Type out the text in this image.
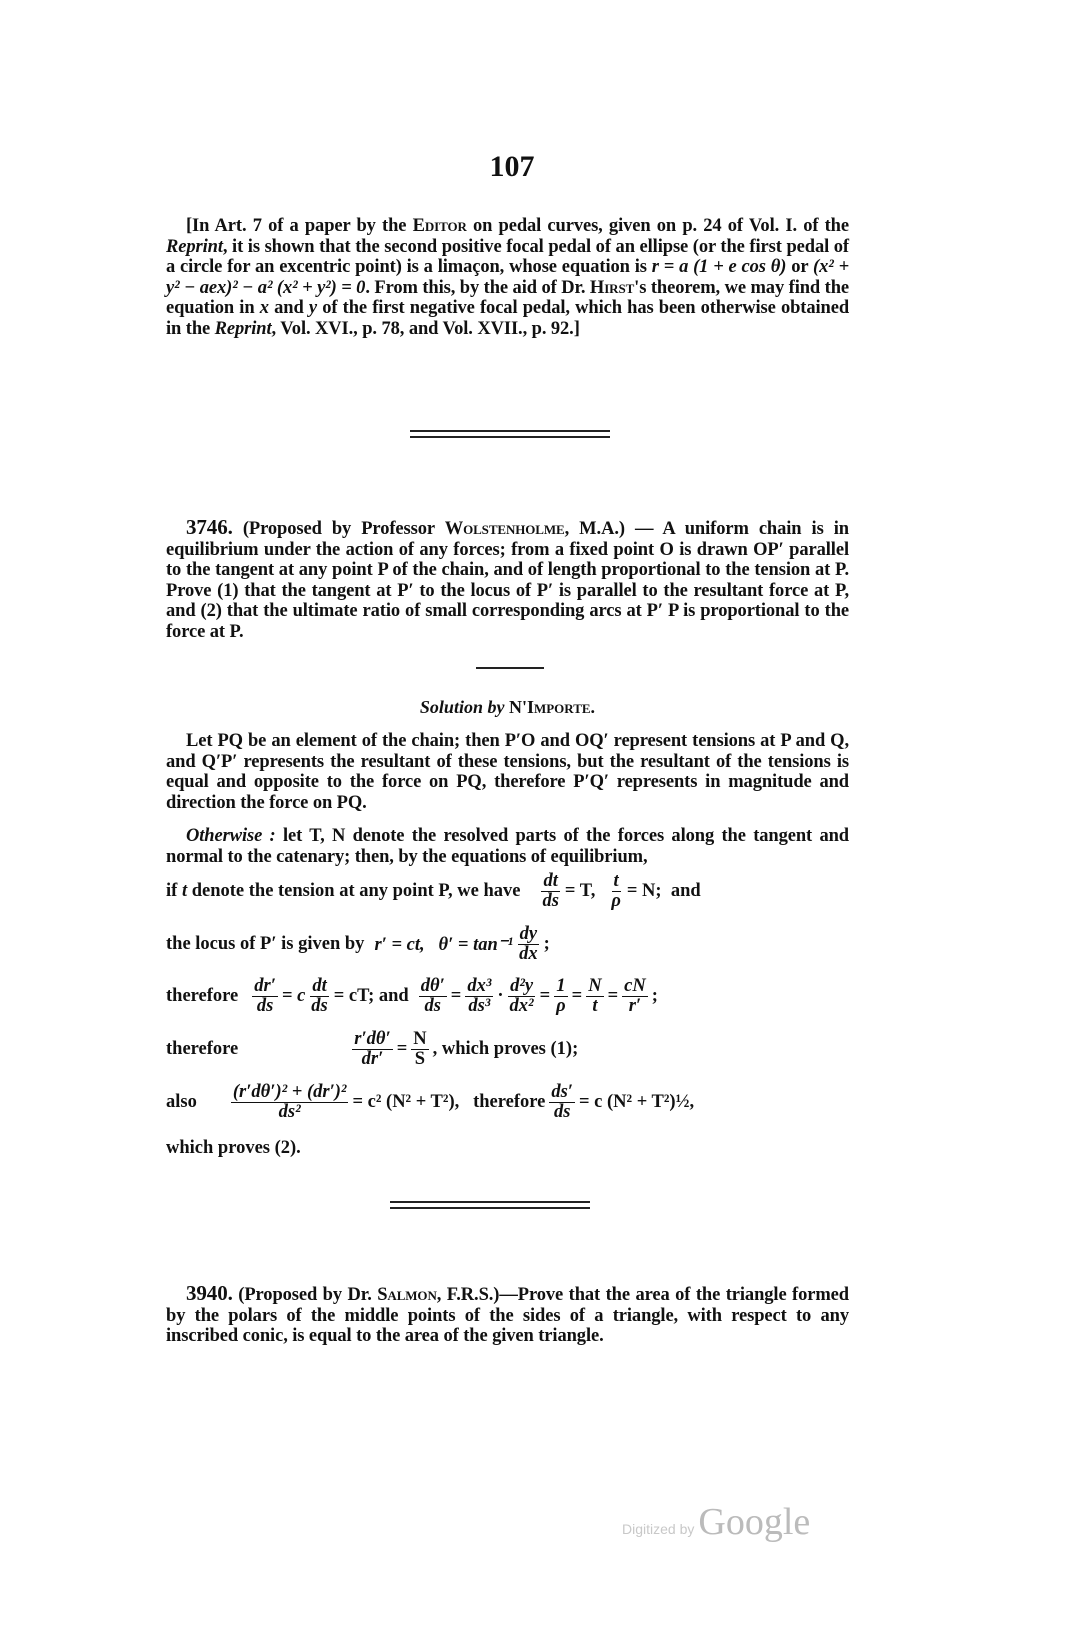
107

[In Art. 7 of a paper by the Editor on pedal curves, given on p. 24 of Vol. I. of the Reprint, it is shown that the second positive focal pedal of an ellipse (or the first pedal of a circle for an excentric point) is a limaçon, whose equation is r = a (1 + e cos θ) or (x² + y² − aex)² − a² (x² + y²) = 0. From this, by the aid of Dr. Hirst's theorem, we may find the equation in x and y of the first negative focal pedal, which has been otherwise obtained in the Reprint, Vol. XVI., p. 78, and Vol. XVII., p. 92.]

3746. (Proposed by Professor Wolstenholme, M.A.) — A uniform chain is in equilibrium under the action of any forces; from a fixed point O is drawn OP′ parallel to the tangent at any point P of the chain, and of length proportional to the tension at P. Prove (1) that the tangent at P′ to the locus of P′ is parallel to the resultant force at P, and (2) that the ultimate ratio of small corresponding arcs at P′ P is proportional to the force at P.

Solution by N'Importe.

Let PQ be an element of the chain; then P′O and OQ′ represent tensions at P and Q, and Q′P′ represents the resultant of these tensions, but the resultant of the tensions is equal and opposite to the force on PQ, therefore P′Q′ represents in magnitude and direction the force on PQ.

Otherwise : let T, N denote the resolved parts of the forces along the tangent and normal to the catenary; then, by the equations of equilibrium,

if t denote the tension at any point P, we have $\frac{dt}{ds} = T$, $\frac{t}{\rho} = N$;  and
the locus of P′ is given by r′ = ct,   $\theta' = \tan^{-1} \frac{dy}{dx}$ ;
therefore $\frac{dr'}{ds} = c \frac{dt}{ds}$ = cT; and $\frac{d\theta'}{ds} = \frac{\text{dx³}}{\text{ds³}} \cdot \frac{\text{d²y}}{\text{dx²}} = \frac{1}{\rho} = \frac{N}{t} = \frac{cN}{r'}$ ;
therefore	$\frac{r'd\theta'}{dr'} = \frac{N}{S}$ , which proves (1);
also $\frac{\text{(r′dθ′)² + (dr′)²}}{\text{ds²}} = c^2$ (N² + T²),   therefore $\frac{ds'}{ds} = c$ (N² + T²)½,
which proves (2).

3940. (Proposed by Dr. Salmon, F.R.S.)—Prove that the area of the triangle formed by the polars of the middle points of the sides of a triangle, with respect to any inscribed conic, is equal to the area of the given triangle.

Digitized by Google
